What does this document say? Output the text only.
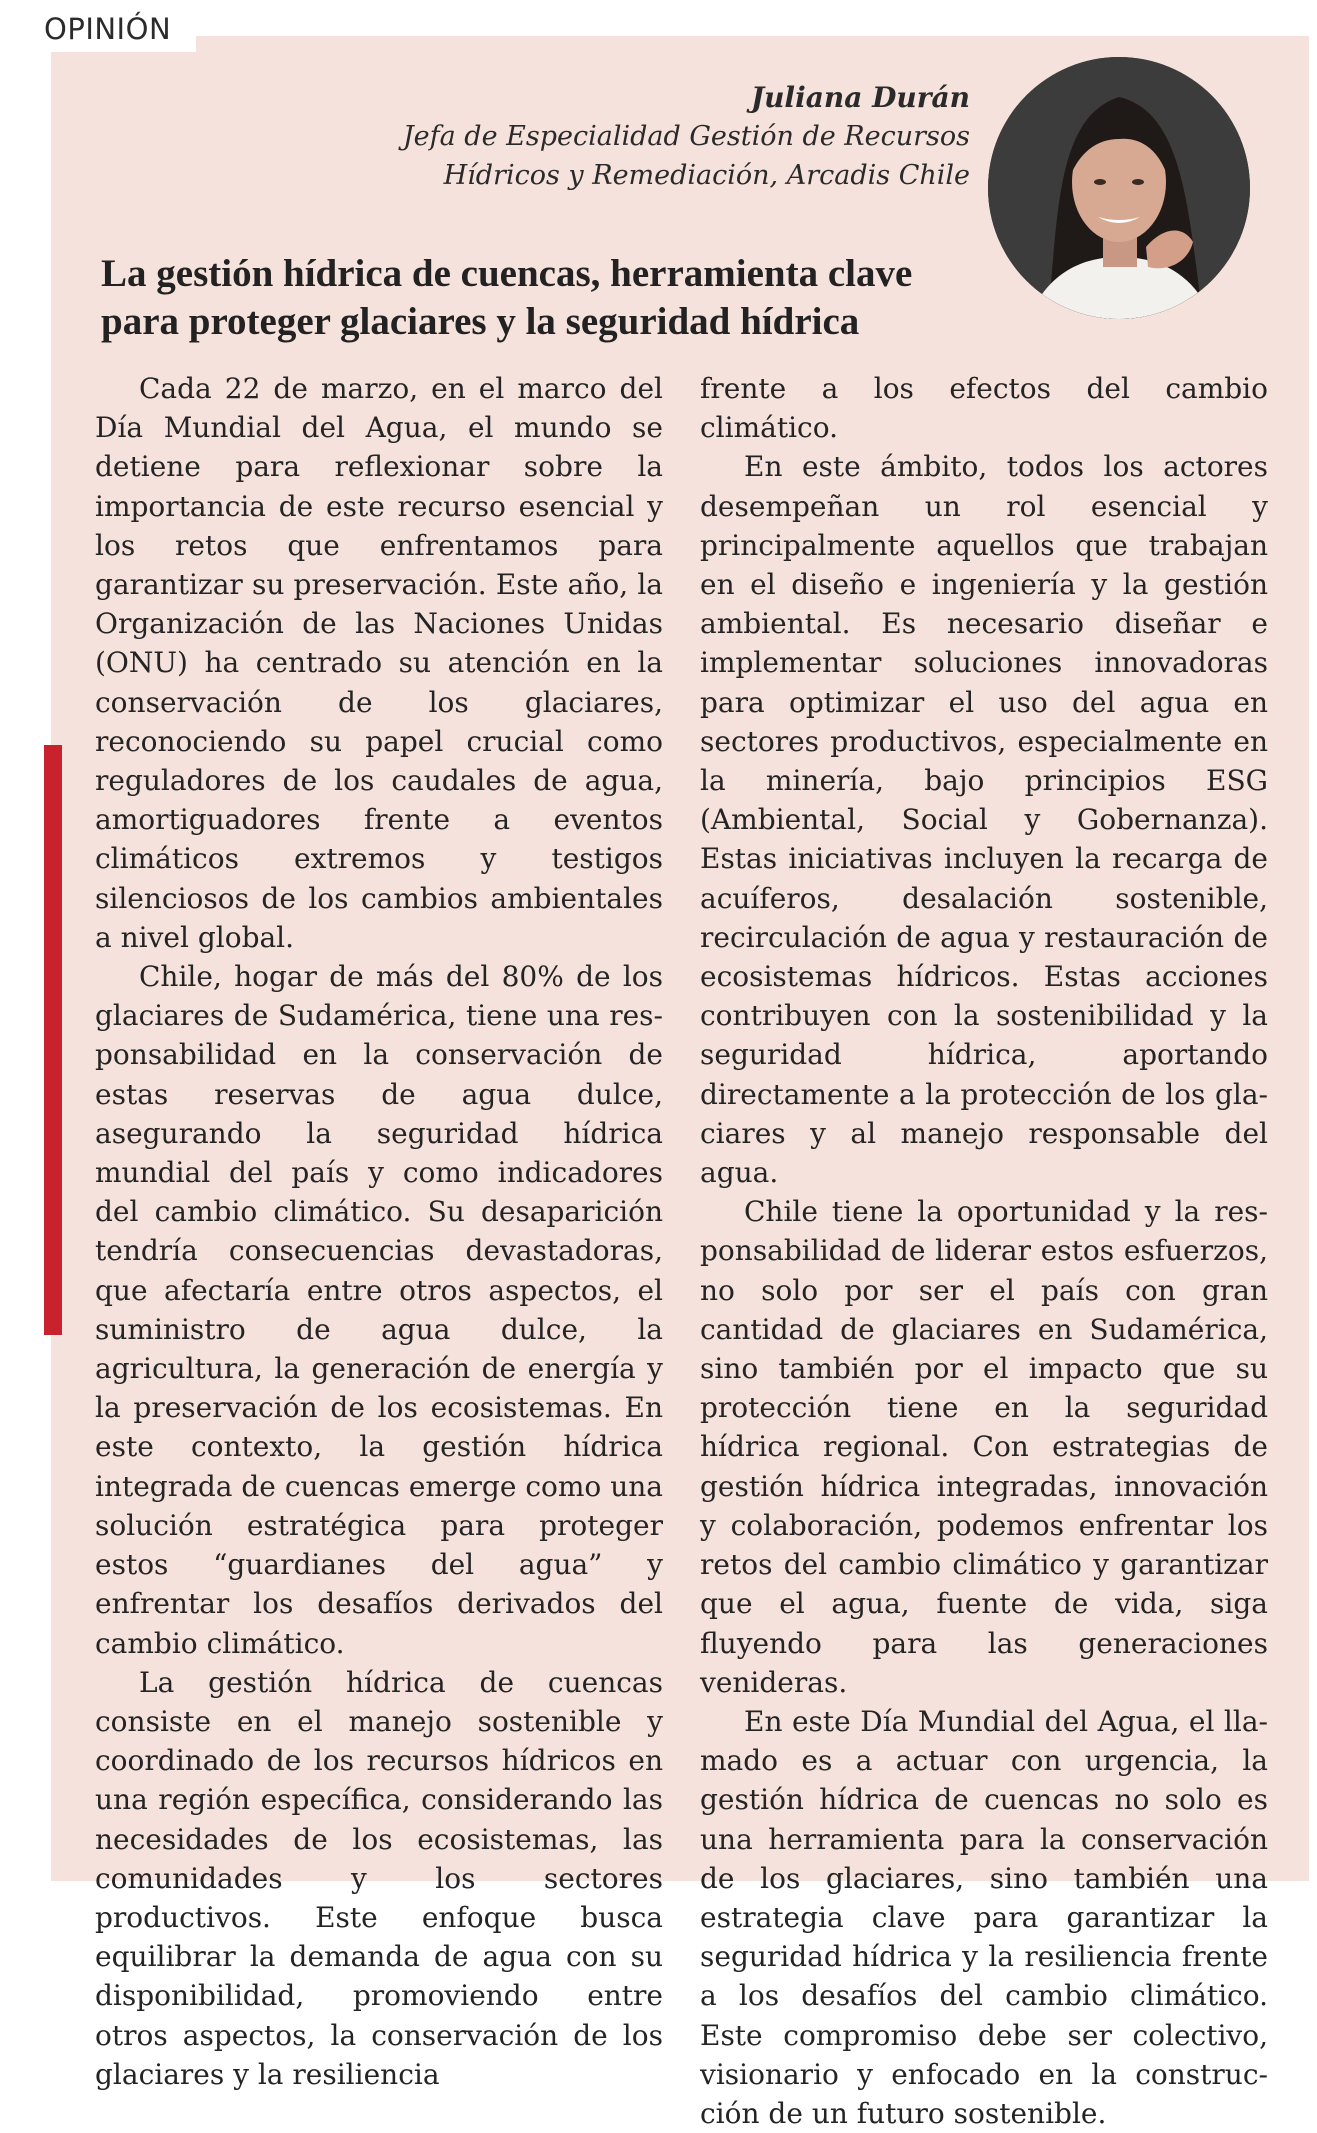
OPINIÓN
Juliana Durán
Jefa de Especialidad Gestión de Recursos
Hídricos y Remediación, Arcadis Chile
La gestión hídrica de cuencas, herramienta clave para proteger glaciares y la seguridad hídrica

Cada 22 de marzo, en el marco del Día Mundial del Agua, el mundo se detiene para reflexionar sobre la importancia de este recurso esencial y los retos que enfrentamos para garantizar su preservación. Este año, la Organización de las Naciones Unidas (ONU) ha centrado su atención en la conservación de los glaciares, reconociendo su papel crucial como reguladores de los caudales de agua, amortiguadores frente a eventos climáticos extremos y testigos silenciosos de los cambios ambientales a nivel global.

Chile, hogar de más del 80% de los glaciares de Sudamérica, tiene una responsabilidad en la conservación de estas reservas de agua dulce, asegurando la seguridad hídrica mundial del país y como indicadores del cambio climático. Su desaparición tendría consecuencias devastadoras, que afectaría entre otros aspectos, el suministro de agua dulce, la agricultura, la generación de energía y la preservación de los ecosistemas. En este contexto, la gestión hídrica integrada de cuencas emerge como una solución estratégica para proteger estos “guardianes del agua” y enfrentar los desafíos derivados del cambio climático.

La gestión hídrica de cuencas consiste en el manejo sostenible y coordinado de los recursos hídricos en una región específica, considerando las necesidades de los ecosistemas, las comunidades y los sectores productivos. Este enfoque busca equilibrar la demanda de agua con su disponibilidad, promoviendo entre otros aspectos, la conservación de los glaciares y la resiliencia

frente a los efectos del cambio climático.

En este ámbito, todos los actores desempeñan un rol esencial y principalmente aquellos que trabajan en el diseño e ingeniería y la gestión ambiental. Es necesario diseñar e implementar soluciones innovadoras para optimizar el uso del agua en sectores productivos, especialmente en la minería, bajo principios ESG (Ambiental, Social y Gobernanza). Estas iniciativas incluyen la recarga de acuíferos, desalación sostenible, recirculación de agua y restauración de ecosistemas hídricos. Estas acciones contribuyen con la sostenibilidad y la seguridad hídrica, aportando directamente a la protección de los glaciares y al manejo responsable del agua.

Chile tiene la oportunidad y la responsabilidad de liderar estos esfuerzos, no solo por ser el país con gran cantidad de glaciares en Sudamérica, sino también por el impacto que su protección tiene en la seguridad hídrica regional. Con estrategias de gestión hídrica integradas, innovación y colaboración, podemos enfrentar los retos del cambio climático y garantizar que el agua, fuente de vida, siga fluyendo para las generaciones venideras.

En este Día Mundial del Agua, el llamado es a actuar con urgencia, la gestión hídrica de cuencas no solo es una herramienta para la conservación de los glaciares, sino también una estrategia clave para garantizar la seguridad hídrica y la resiliencia frente a los desafíos del cambio climático. Este compromiso debe ser colectivo, visionario y enfocado en la construcción de un futuro sostenible.
